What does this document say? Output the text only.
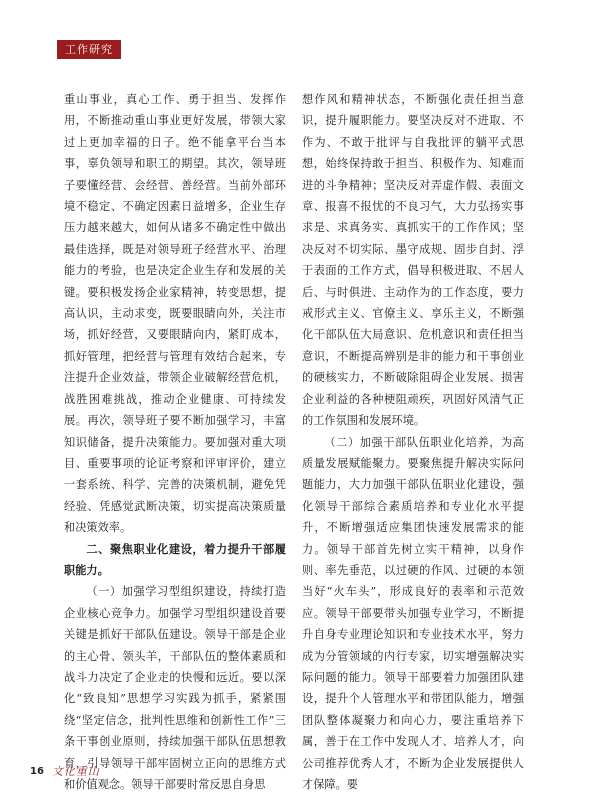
工作研究

重山事业，真心工作、勇于担当、发挥作用，不断推动重山事业更好发展，带领大家过上更加幸福的日子。绝不能拿平台当本事，辜负领导和职工的期望。其次，领导班子要懂经营、会经营、善经营。当前外部环境不稳定、不确定因素日益增多，企业生存压力越来越大，如何从诸多不确定性中做出最佳选择，既是对领导班子经营水平、治理能力的考验，也是决定企业生存和发展的关键。要积极发扬企业家精神，转变思想，提高认识，主动求变，既要眼睛向外，关注市场，抓好经营，又要眼睛向内，紧盯成本，抓好管理，把经营与管理有效结合起来，专注提升企业效益，带领企业破解经营危机，战胜困难挑战，推动企业健康、可持续发展。再次，领导班子要不断加强学习，丰富知识储备，提升决策能力。要加强对重大项目、重要事项的论证考察和评审评价，建立一套系统、科学、完善的决策机制，避免凭经验、凭感觉武断决策，切实提高决策质量和决策效率。

二、聚焦职业化建设，着力提升干部履职能力。

（一）加强学习型组织建设，持续打造企业核心竞争力。加强学习型组织建设首要关键是抓好干部队伍建设。领导干部是企业的主心骨、领头羊，干部队伍的整体素质和战斗力决定了企业走的快慢和远近。要以深化“致良知”思想学习实践为抓手，紧紧围绕“坚定信念，批判性思维和创新性工作”三条干事创业原则，持续加强干部队伍思想教育，引导领导干部牢固树立正向的思维方式和价值观念。领导干部要时常反思自身思

想作风和精神状态，不断强化责任担当意识，提升履职能力。要坚决反对不进取、不作为、不敢于批评与自我批评的躺平式思想，始终保持敢于担当、积极作为、知难而进的斗争精神；坚决反对弄虚作假、表面文章、报喜不报忧的不良习气，大力弘扬实事求是、求真务实、真抓实干的工作作风；坚决反对不切实际、墨守成规、固步自封、浮于表面的工作方式，倡导积极进取、不居人后、与时俱进、主动作为的工作态度，要力戒形式主义、官僚主义、享乐主义，不断强化干部队伍大局意识、危机意识和责任担当意识，不断提高辨别是非的能力和干事创业的硬核实力，不断破除阻碍企业发展、损害企业利益的各种梗阻顽疾，巩固好风清气正的工作氛围和发展环境。

（二）加强干部队伍职业化培养，为高质量发展赋能聚力。要聚焦提升解决实际问题能力，大力加强干部队伍职业化建设，强化领导干部综合素质培养和专业化水平提升，不断增强适应集团快速发展需求的能力。领导干部首先树立实干精神，以身作则、率先垂范，以过硬的作风、过硬的本领当好“火车头”，形成良好的表率和示范效应。领导干部要带头加强专业学习，不断提升自身专业理论知识和专业技术水平，努力成为分管领域的内行专家，切实增强解决实际问题的能力。领导干部要着力加强团队建设，提升个人管理水平和带团队能力，增强团队整体凝聚力和向心力，要注重培养下属，善于在工作中发现人才、培养人才，向公司推荐优秀人才，不断为企业发展提供人才保障。要

16 文化重山
